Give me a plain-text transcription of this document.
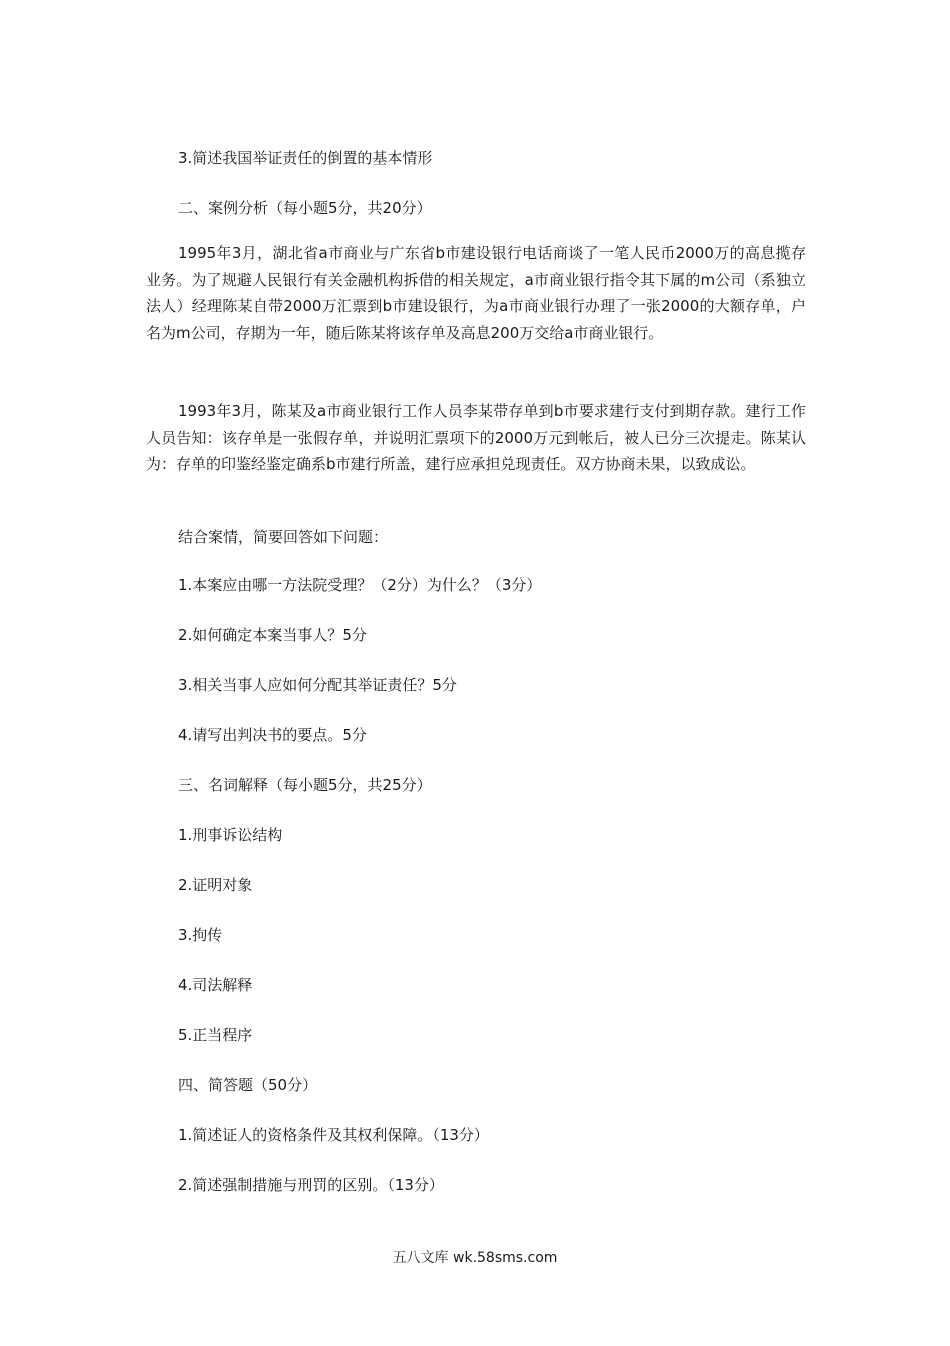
3.简述我国举证责任的倒置的基本情形
二、案例分析（每小题5分，共20分）
1995年3月，湖北省a市商业与广东省b市建设银行电话商谈了一笔人民币2000万的高息揽存业务。为了规避人民银行有关金融机构拆借的相关规定，a市商业银行指令其下属的m公司（系独立法人）经理陈某自带2000万汇票到b市建设银行，为a市商业银行办理了一张2000的大额存单，户名为m公司，存期为一年，随后陈某将该存单及高息200万交给a市商业银行。
1993年3月，陈某及a市商业银行工作人员李某带存单到b市要求建行支付到期存款。建行工作人员告知：该存单是一张假存单，并说明汇票项下的2000万元到帐后，被人已分三次提走。陈某认为：存单的印鉴经鉴定确系b市建行所盖，建行应承担兑现责任。双方协商未果，以致成讼。
结合案情，简要回答如下问题：
1.本案应由哪一方法院受理？（2分）为什么？（3分）
2.如何确定本案当事人？5分
3.相关当事人应如何分配其举证责任？5分
4.请写出判决书的要点。5分
三、名词解释（每小题5分，共25分）
1.刑事诉讼结构
2.证明对象
3.拘传
4.司法解释
5.正当程序
四、简答题（50分）
1.简述证人的资格条件及其权利保障。（13分）
2.简述强制措施与刑罚的区别。（13分）
五八文库 wk.58sms.com
